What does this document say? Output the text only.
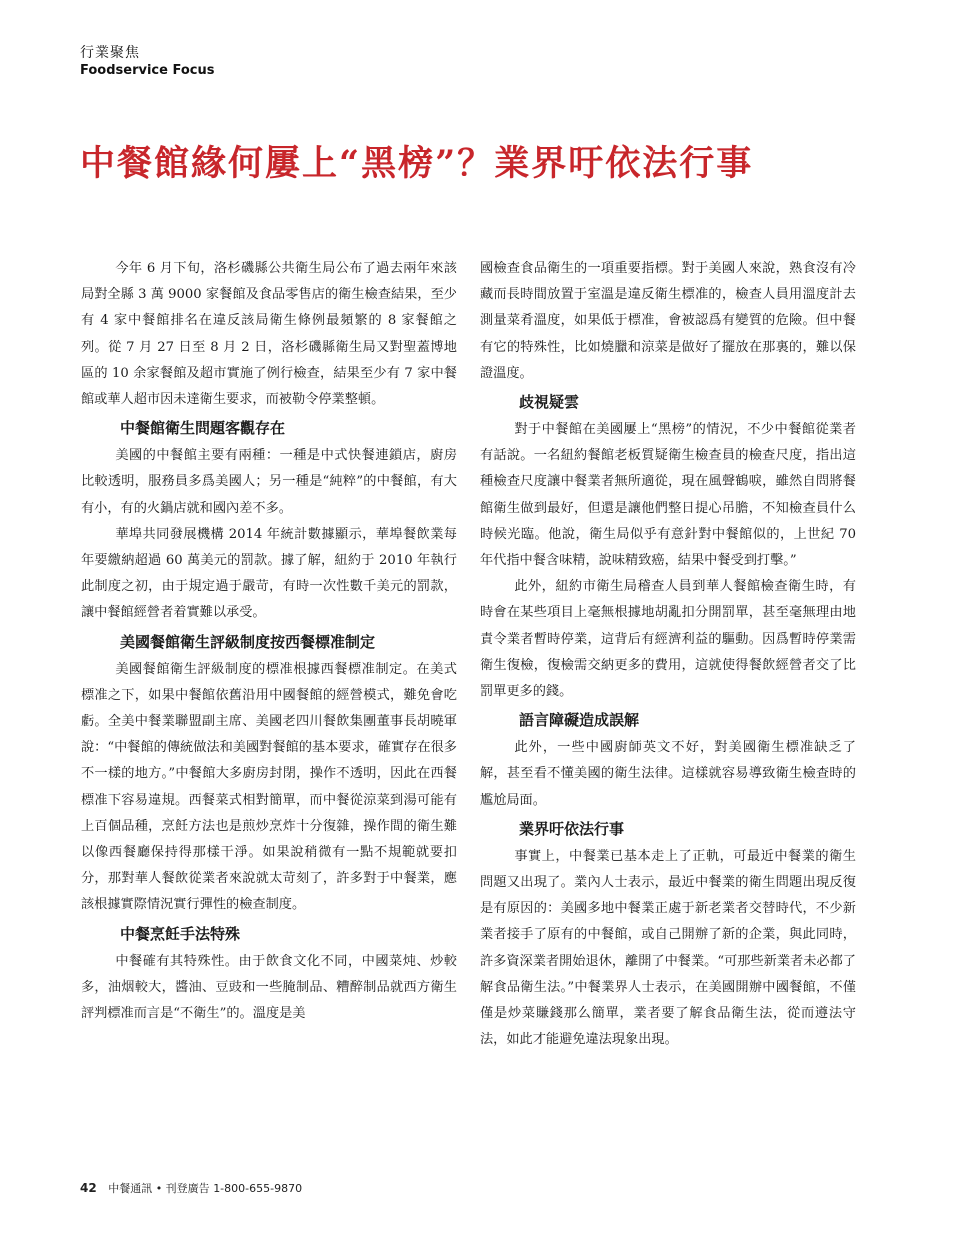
行業聚焦
Foodservice Focus
中餐館緣何屢上“黑榜”？業界吁依法行事

今年 6 月下旬，洛杉磯縣公共衛生局公布了過去兩年來該局對全縣 3 萬 9000 家餐館及食品零售店的衛生檢查結果，至少有 4 家中餐館排名在違反該局衛生條例最頻繁的 8 家餐館之列。從 7 月 27 日至 8 月 2 日，洛杉磯縣衛生局又對聖蓋博地區的 10 余家餐館及超市實施了例行檢查，結果至少有 7 家中餐館或華人超市因未達衛生要求，而被勒令停業整頓。

中餐館衛生問題客觀存在

美國的中餐館主要有兩種：一種是中式快餐連鎖店，廚房比較透明，服務員多爲美國人；另一種是“純粹”的中餐館，有大有小，有的火鍋店就和國內差不多。

華埠共同發展機構 2014 年統計數據顯示，華埠餐飲業每年要繳納超過 60 萬美元的罰款。據了解，紐約于 2010 年執行此制度之初，由于規定過于嚴苛，有時一次性數千美元的罰款，讓中餐館經營者着實難以承受。

美國餐館衛生評級制度按西餐標准制定

美國餐館衛生評級制度的標准根據西餐標准制定。在美式標准之下，如果中餐館依舊沿用中國餐館的經營模式，難免會吃虧。全美中餐業聯盟副主席、美國老四川餐飲集團董事長胡曉軍說：“中餐館的傳統做法和美國對餐館的基本要求，確實存在很多不一樣的地方。”中餐館大多廚房封閉，操作不透明，因此在西餐標准下容易違規。西餐菜式相對簡單，而中餐從涼菜到湯可能有上百個品種，烹飪方法也是煎炒烹炸十分復雜，操作間的衛生難以像西餐廳保持得那樣干淨。如果說稍微有一點不規範就要扣分，那對華人餐飲從業者來說就太苛刻了，許多對于中餐業，應該根據實際情況實行彈性的檢查制度。

中餐烹飪手法特殊

中餐確有其特殊性。由于飲食文化不同，中國菜炖、炒較多，油烟較大，醬油、豆豉和一些腌制品、糟醉制品就西方衛生評判標准而言是“不衛生”的。溫度是美

國檢查食品衛生的一項重要指標。對于美國人來說，熟食沒有冷藏而長時間放置于室溫是違反衛生標准的，檢查人員用溫度計去測量菜肴溫度，如果低于標准，會被認爲有變質的危險。但中餐有它的特殊性，比如燒臘和涼菜是做好了擺放在那裏的，難以保證溫度。

歧視疑雲

對于中餐館在美國屢上“黑榜”的情況，不少中餐館從業者有話說。一名紐約餐館老板質疑衛生檢查員的檢查尺度，指出這種檢查尺度讓中餐業者無所適從，現在風聲鶴唳，雖然自問將餐館衛生做到最好，但還是讓他們整日提心吊膽，不知檢查員什么時候光臨。他說，衛生局似乎有意針對中餐館似的，上世紀 70 年代指中餐含味精，說味精致癌，結果中餐受到打擊。”

此外，紐約市衛生局稽查人員到華人餐館檢查衛生時，有時會在某些項目上毫無根據地胡亂扣分開罰單，甚至毫無理由地責令業者暫時停業，這背后有經濟利益的驅動。因爲暫時停業需衛生復檢，復檢需交納更多的費用，這就使得餐飲經營者交了比罰單更多的錢。

語言障礙造成誤解

此外，一些中國廚師英文不好，對美國衛生標准缺乏了解，甚至看不懂美國的衛生法律。這樣就容易導致衛生檢查時的尷尬局面。

業界吁依法行事

事實上，中餐業已基本走上了正軌，可最近中餐業的衛生問題又出現了。業內人士表示，最近中餐業的衛生問題出現反復是有原因的：美國多地中餐業正處于新老業者交替時代，不少新業者接手了原有的中餐館，或自己開辦了新的企業，與此同時，許多資深業者開始退休，離開了中餐業。“可那些新業者未必都了解食品衛生法。”中餐業界人士表示，在美國開辦中國餐館，不僅僅是炒菜賺錢那么簡單，業者要了解食品衛生法，從而遵法守法，如此才能避免違法現象出現。

42 中餐通訊 • 刊登廣告 1-800-655-9870
